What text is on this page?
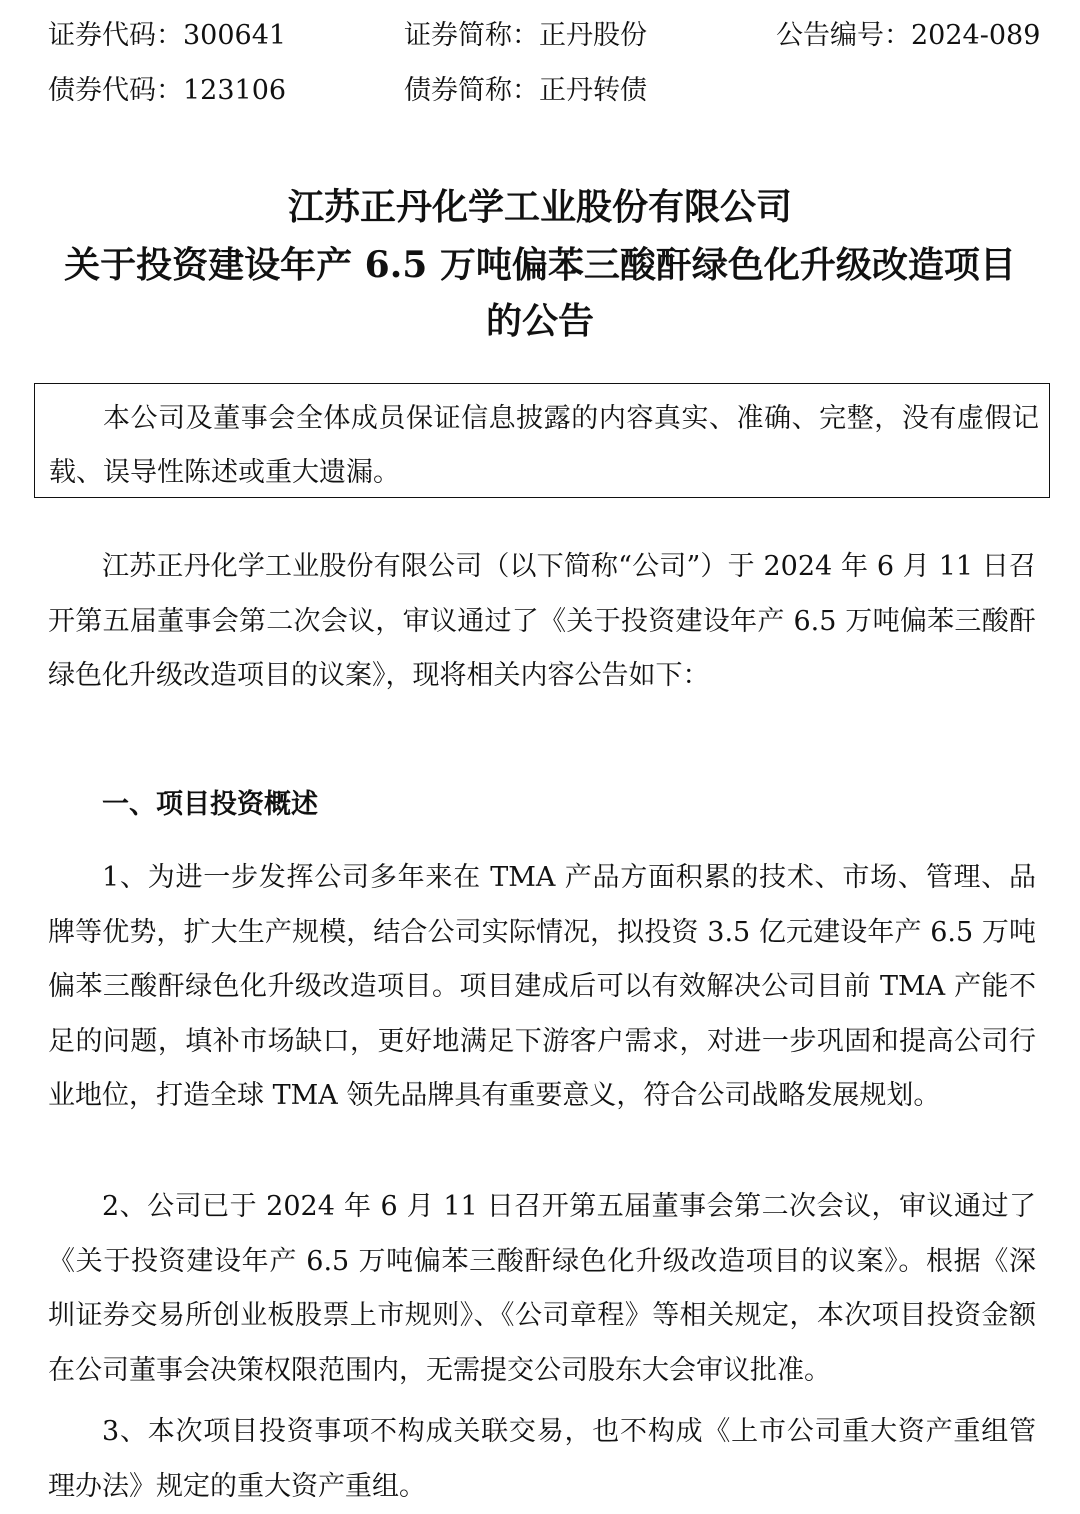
证券代码：300641	证券简称：正丹股份	公告编号：2024-089
债券代码：123106	债券简称：正丹转债
江苏正丹化学工业股份有限公司
关于投资建设年产 6.5 万吨偏苯三酸酐绿色化升级改造项目
的公告
本公司及董事会全体成员保证信息披露的内容真实、准确、完整，没有虚假记载、误导性陈述或重大遗漏。

江苏正丹化学工业股份有限公司（以下简称“公司”）于 2024 年 6 月 11 日召开第五届董事会第二次会议，审议通过了《关于投资建设年产 6.5 万吨偏苯三酸酐绿色化升级改造项目的议案》，现将相关内容公告如下：

一、项目投资概述

1、为进一步发挥公司多年来在 TMA 产品方面积累的技术、市场、管理、品牌等优势，扩大生产规模，结合公司实际情况，拟投资 3.5 亿元建设年产 6.5 万吨偏苯三酸酐绿色化升级改造项目。项目建成后可以有效解决公司目前 TMA 产能不足的问题，填补市场缺口，更好地满足下游客户需求，对进一步巩固和提高公司行业地位，打造全球 TMA 领先品牌具有重要意义，符合公司战略发展规划。

2、公司已于 2024 年 6 月 11 日召开第五届董事会第二次会议，审议通过了《关于投资建设年产 6.5 万吨偏苯三酸酐绿色化升级改造项目的议案》。根据《深圳证券交易所创业板股票上市规则》、《公司章程》等相关规定，本次项目投资金额在公司董事会决策权限范围内，无需提交公司股东大会审议批准。

3、本次项目投资事项不构成关联交易，也不构成《上市公司重大资产重组管理办法》规定的重大资产重组。
